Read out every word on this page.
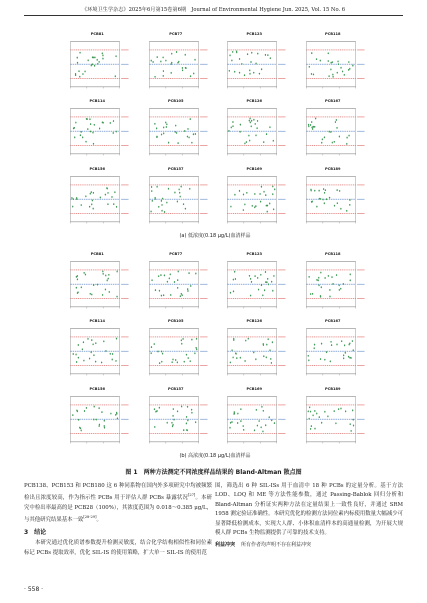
《环境卫生学杂志》2025年6月第15卷第6期　Journal of Environmental Hygiene Jun. 2025, Vol. 15 No. 6
PCB81	PCB77	PCB123	PCB118
PCB114	PCB105	PCB126	PCB167
PCB156	PCB157	PCB169	PCB189
(a) 低浓度(0.18 μg/L)血清样品
PCB81	PCB77	PCB123	PCB118
PCB114	PCB105	PCB126	PCB167
PCB156	PCB157	PCB169	PCB189
(b) 高浓度(0.18 μg/L)血清样品
图 1　两种方法测定不同浓度样品结果的 Bland-Altman 散点图

PCB138、PCB153 和 PCB180 这 6 种同系物在国内外多项研究中均被频繁检出且浓度较高，作为指示性 PCBs 用于评估人群 PCBs 暴露状况[27]。本研究中检出率最高的是 PCB28（100%），其浓度范围为 0.018～0.385 μg/L，与其他研究结果基本一致[28-29]。

3　结论

本研究通过优化质谱参数提升检测灵敏度，结合化学结构相似性和同位素标记 PCBs 提取效率，优化 SIL-IS 的使用策略，扩大单一 SIL-IS 的使用范

围，筛选出 6 种 SIL-ISs 用于血清中 18 种 PCBs 的定量分析。基于方法 LOD、LOQ 和 ME 等方法性能参数，通过 Passing-Bablok 回归分析和 Bland-Altman 分析证实两种方法在定量结果上一致性良好，并通过 SRM 1958 测定验证准确性。本研究优化的检测方法同位素内标使用数量大幅减少可显著降低检测成本，实现大人群、小体积血清样本的高通量检测，为开展大规模人群 PCBs 生物监测提供了可靠的技术支持。

利益冲突 所有作者均声明不存在利益冲突
· 558 ·
